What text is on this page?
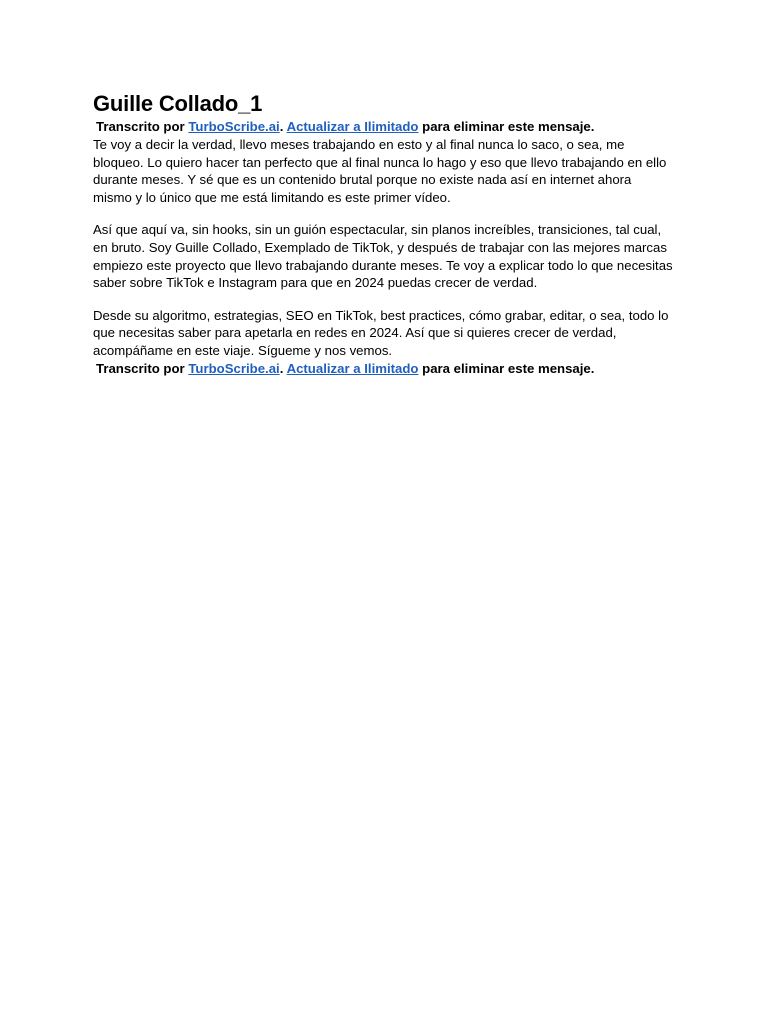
Guille Collado_1

Transcrito por TurboScribe.ai. Actualizar a Ilimitado para eliminar este mensaje.

Te voy a decir la verdad, llevo meses trabajando en esto y al final nunca lo saco, o sea, me bloqueo. Lo quiero hacer tan perfecto que al final nunca lo hago y eso que llevo trabajando en ello durante meses. Y sé que es un contenido brutal porque no existe nada así en internet ahora mismo y lo único que me está limitando es este primer vídeo.

Así que aquí va, sin hooks, sin un guión espectacular, sin planos increíbles, transiciones, tal cual, en bruto. Soy Guille Collado, Exemplado de TikTok, y después de trabajar con las mejores marcas empiezo este proyecto que llevo trabajando durante meses. Te voy a explicar todo lo que necesitas saber sobre TikTok e Instagram para que en 2024 puedas crecer de verdad.

Desde su algoritmo, estrategias, SEO en TikTok, best practices, cómo grabar, editar, o sea, todo lo que necesitas saber para apetarla en redes en 2024. Así que si quieres crecer de verdad, acompáñame en este viaje. Sígueme y nos vemos.

Transcrito por TurboScribe.ai. Actualizar a Ilimitado para eliminar este mensaje.
